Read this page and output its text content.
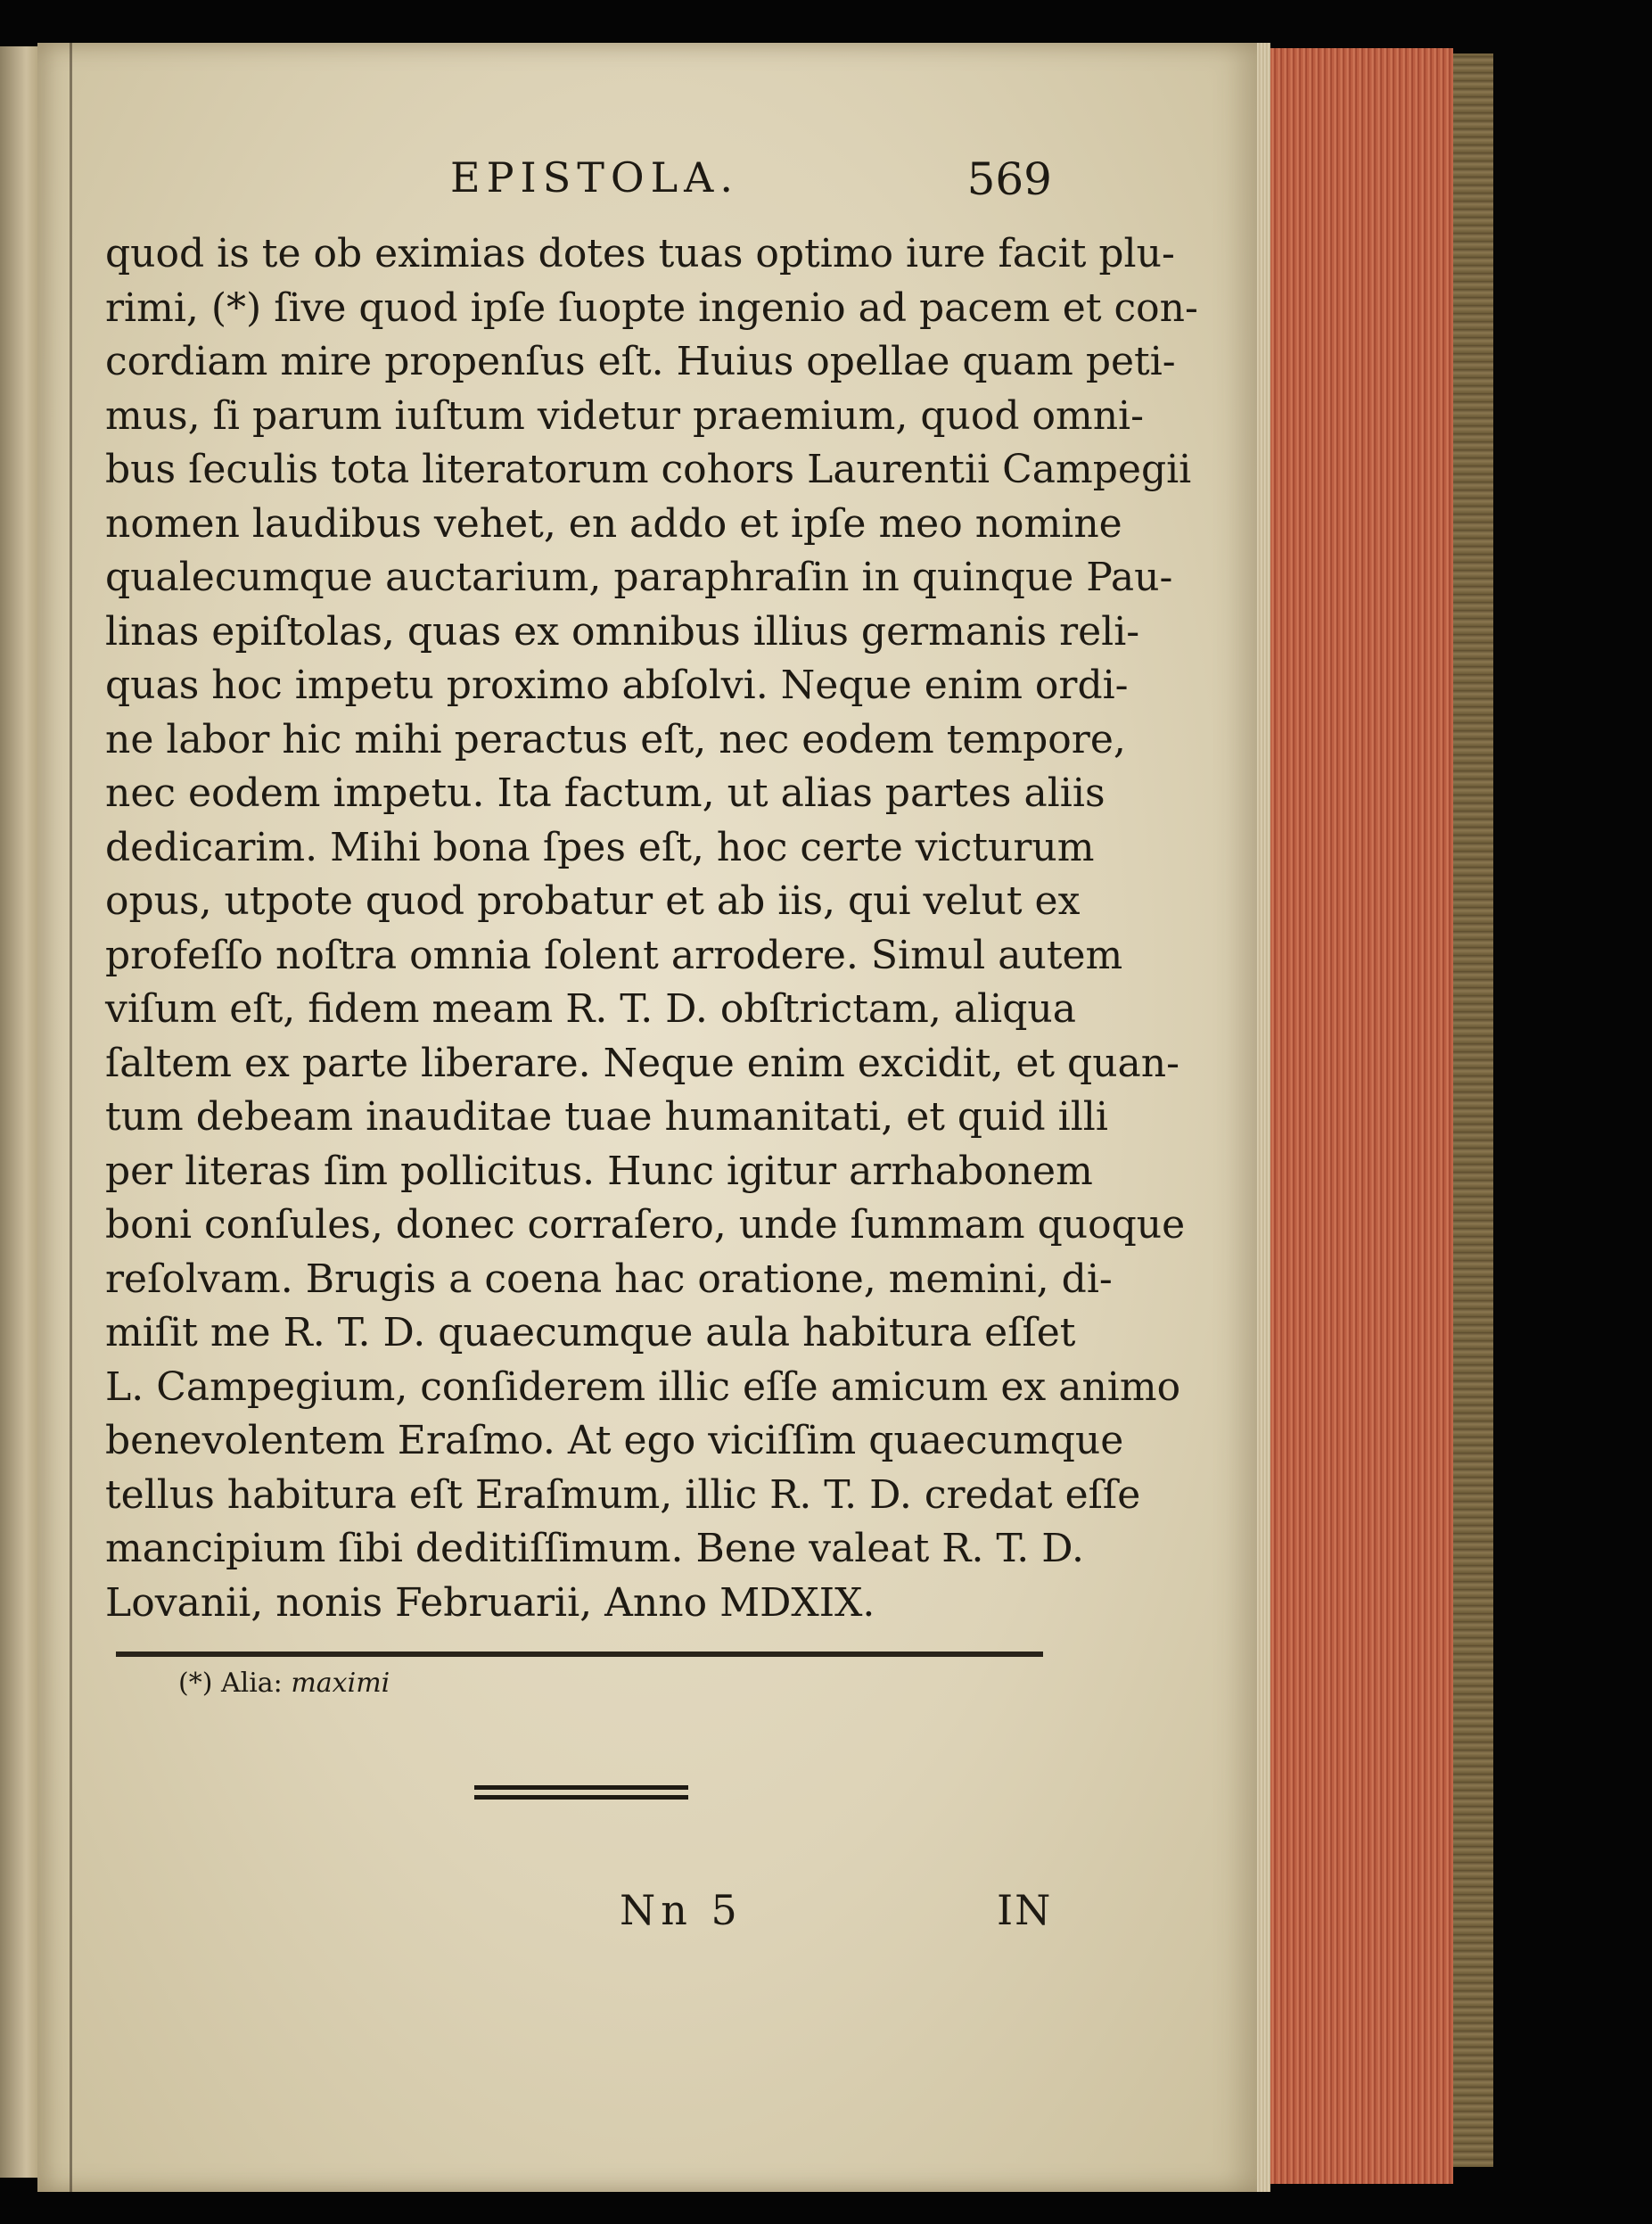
EPISTOLA.	569
quod is te ob eximias dotes tuas optimo iure facit plu-
rimi, (*) ſive quod ipſe ſuopte ingenio ad pacem et con-
cordiam mire propenſus eſt. Huius opellae quam peti-
mus, ſi parum iuſtum videtur praemium, quod omni-
bus ſeculis tota literatorum cohors Laurentii Campegii
nomen laudibus vehet, en addo et ipſe meo nomine
qualecumque auctarium, paraphraſin in quinque Pau-
linas epiſtolas, quas ex omnibus illius germanis reli-
quas hoc impetu proximo abſolvi. Neque enim ordi-
ne labor hic mihi peractus eſt, nec eodem tempore,
nec eodem impetu. Ita factum, ut alias partes aliis
dedicarim. Mihi bona ſpes eſt, hoc certe victurum
opus, utpote quod probatur et ab iis, qui velut ex
profeſſo noſtra omnia ſolent arrodere. Simul autem
viſum eſt, fidem meam R. T. D. obſtrictam, aliqua
ſaltem ex parte liberare. Neque enim excidit, et quan-
tum debeam inauditae tuae humanitati, et quid illi
per literas ſim pollicitus. Hunc igitur arrhabonem
boni conſules, donec corraſero, unde ſummam quoque
reſolvam. Brugis a coena hac oratione, memini, di-
miſit me R. T. D. quaecumque aula habitura eſſet
L. Campegium, conſiderem illic eſſe amicum ex animo
benevolentem Eraſmo. At ego viciſſim quaecumque
tellus habitura eſt Eraſmum, illic R. T. D. credat eſſe
mancipium ſibi deditiſſimum. Bene valeat R. T. D.
Lovanii, nonis Februarii, Anno MDXIX.
(*) Alia: maximi
Nn 5	IN
